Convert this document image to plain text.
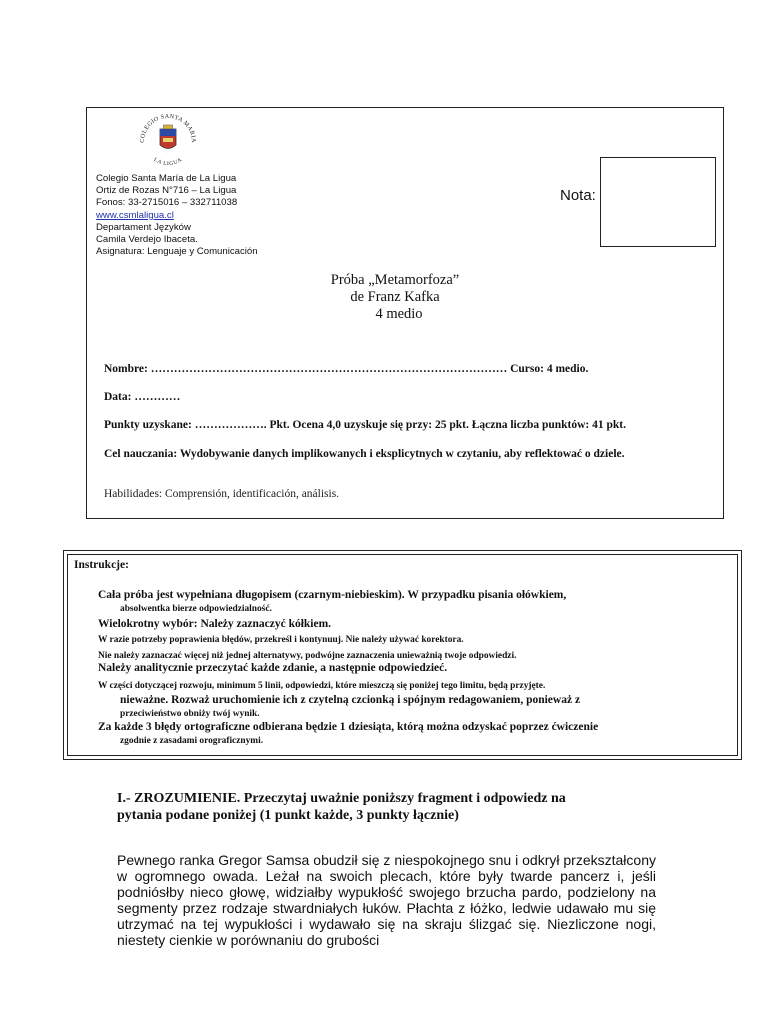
COLEGIO SANTA MARIA
LA LIGUA
Colegio Santa María de La Ligua
Ortiz de Rozas N°716 – La Ligua
Fonos: 33-2715016 – 332711038
www.csmlaligua.cl
Departament Języków
Camila Verdejo Ibaceta.
Asignatura: Lenguaje y Comunicación
Nota:
Próba „Metamorfoza”
de Franz Kafka
4 medio
Nombre: ………………………………………………………………………………… Curso: 4 medio.
Data: …………
Punkty uzyskane: ………………. Pkt. Ocena 4,0 uzyskuje się przy: 25 pkt. Łączna liczba punktów: 41 pkt.
Cel nauczania: Wydobywanie danych implikowanych i eksplicytnych w czytaniu, aby reflektować o dziele.
Habilidades: Comprensión, identificación, análisis.
Instrukcje:
Cała próba jest wypełniana długopisem (czarnym-niebieskim). W przypadku pisania ołówkiem,
absolwentka bierze odpowiedzialność.
Wielokrotny wybór: Należy zaznaczyć kółkiem.
W razie potrzeby poprawienia błędów, przekreśl i kontynuuj. Nie należy używać korektora.
Nie należy zaznaczać więcej niż jednej alternatywy, podwójne zaznaczenia unieważnią twoje odpowiedzi.
Należy analitycznie przeczytać każde zdanie, a następnie odpowiedzieć.
W części dotyczącej rozwoju, minimum 5 linii, odpowiedzi, które mieszczą się poniżej tego limitu, będą przyjęte.
nieważne. Rozważ uruchomienie ich z czytelną czcionką i spójnym redagowaniem, ponieważ z
przeciwieństwo obniży twój wynik.
Za każde 3 błędy ortograficzne odbierana będzie 1 dziesiąta, którą można odzyskać poprzez ćwiczenie
zgodnie z zasadami orograficznymi.
I.- ZROZUMIENIE. Przeczytaj uważnie poniższy fragment i odpowiedz na pytania podane poniżej (1 punkt każde, 3 punkty łącznie)
Pewnego ranka Gregor Samsa obudził się z niespokojnego snu i odkrył przekształcony w ogromnego owada. Leżał na swoich plecach, które były twarde pancerz i, jeśli podniósłby nieco głowę, widziałby wypukłość swojego brzucha pardo, podzielony na segmenty przez rodzaje stwardniałych łuków. Płachta z łóżko, ledwie udawało mu się utrzymać na tej wypukłości i wydawało się na skraju ślizgać się. Niezliczone nogi, niestety cienkie w porównaniu do grubości
